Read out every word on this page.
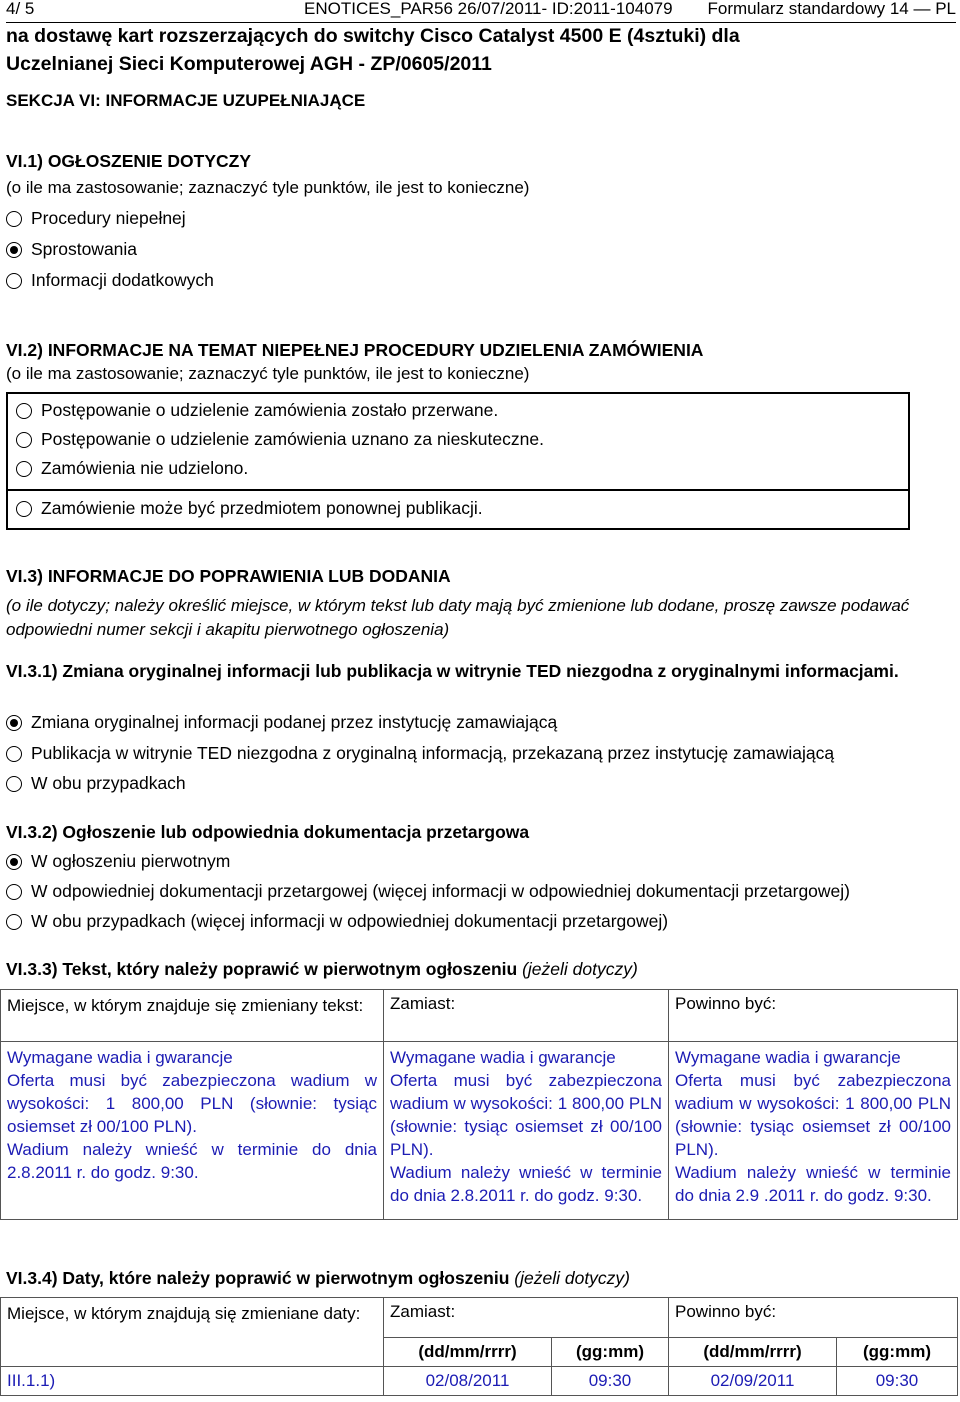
4/ 5	ENOTICES_PAR56 26/07/2011- ID:2011-104079 Formularz standardowy 14 — PL
na dostawę kart rozszerzających do switchy Cisco Catalyst 4500 E (4sztuki) dla
Uczelnianej Sieci Komputerowej AGH - ZP/0605/2011
SEKCJA VI: INFORMACJE UZUPEŁNIAJĄCE
VI.1) OGŁOSZENIE DOTYCZY
(o ile ma zastosowanie; zaznaczyć tyle punktów, ile jest to konieczne)
Procedury niepełnej
Sprostowania
Informacji dodatkowych
VI.2) INFORMACJE NA TEMAT NIEPEŁNEJ PROCEDURY UDZIELENIA ZAMÓWIENIA
(o ile ma zastosowanie; zaznaczyć tyle punktów, ile jest to konieczne)
Postępowanie o udzielenie zamówienia zostało przerwane.
Postępowanie o udzielenie zamówienia uznano za nieskuteczne.
Zamówienia nie udzielono.
Zamówienie może być przedmiotem ponownej publikacji.
VI.3) INFORMACJE DO POPRAWIENIA LUB DODANIA
(o ile dotyczy; należy określić miejsce, w którym tekst lub daty mają być zmienione lub dodane, proszę zawsze podawać odpowiedni numer sekcji i akapitu pierwotnego ogłoszenia)
VI.3.1) Zmiana oryginalnej informacji lub publikacja w witrynie TED niezgodna z oryginalnymi informacjami.
Zmiana oryginalnej informacji podanej przez instytucję zamawiającą
Publikacja w witrynie TED niezgodna z oryginalną informacją, przekazaną przez instytucję zamawiającą
W obu przypadkach
VI.3.2) Ogłoszenie lub odpowiednia dokumentacja przetargowa
W ogłoszeniu pierwotnym
W odpowiedniej dokumentacji przetargowej (więcej informacji w odpowiedniej dokumentacji przetargowej)
W obu przypadkach (więcej informacji w odpowiedniej dokumentacji przetargowej)
VI.3.3) Tekst, który należy poprawić w pierwotnym ogłoszeniu (jeżeli dotyczy)
Miejsce, w którym znajduje się zmieniany tekst:	Zamiast:	Powinno być:
Wymagane wadia i gwarancje
Oferta musi być zabezpieczona wadium w wysokości: 1 800,00 PLN (słownie: tysiąc osiemset zł 00/100 PLN).
Wadium należy wnieść w terminie do dnia 2.8.2011 r. do godz. 9:30.	Wymagane wadia i gwarancje
Oferta musi być zabezpieczona wadium w wysokości: 1 800,00 PLN (słownie: tysiąc osiemset zł 00/100 PLN).
Wadium należy wnieść w terminie do dnia 2.8.2011 r. do godz. 9:30.	Wymagane wadia i gwarancje
Oferta musi być zabezpieczona wadium w wysokości: 1 800,00 PLN (słownie: tysiąc osiemset zł 00/100 PLN).
Wadium należy wnieść w terminie do dnia 2.9 .2011 r. do godz. 9:30.
VI.3.4) Daty, które należy poprawić w pierwotnym ogłoszeniu (jeżeli dotyczy)
Miejsce, w którym znajdują się zmieniane daty:	Zamiast:		Powinno być:	
	(dd/mm/rrrr)	(gg:mm)	(dd/mm/rrrr)	(gg:mm)
III.1.1)	02/08/2011	09:30	02/09/2011	09:30
